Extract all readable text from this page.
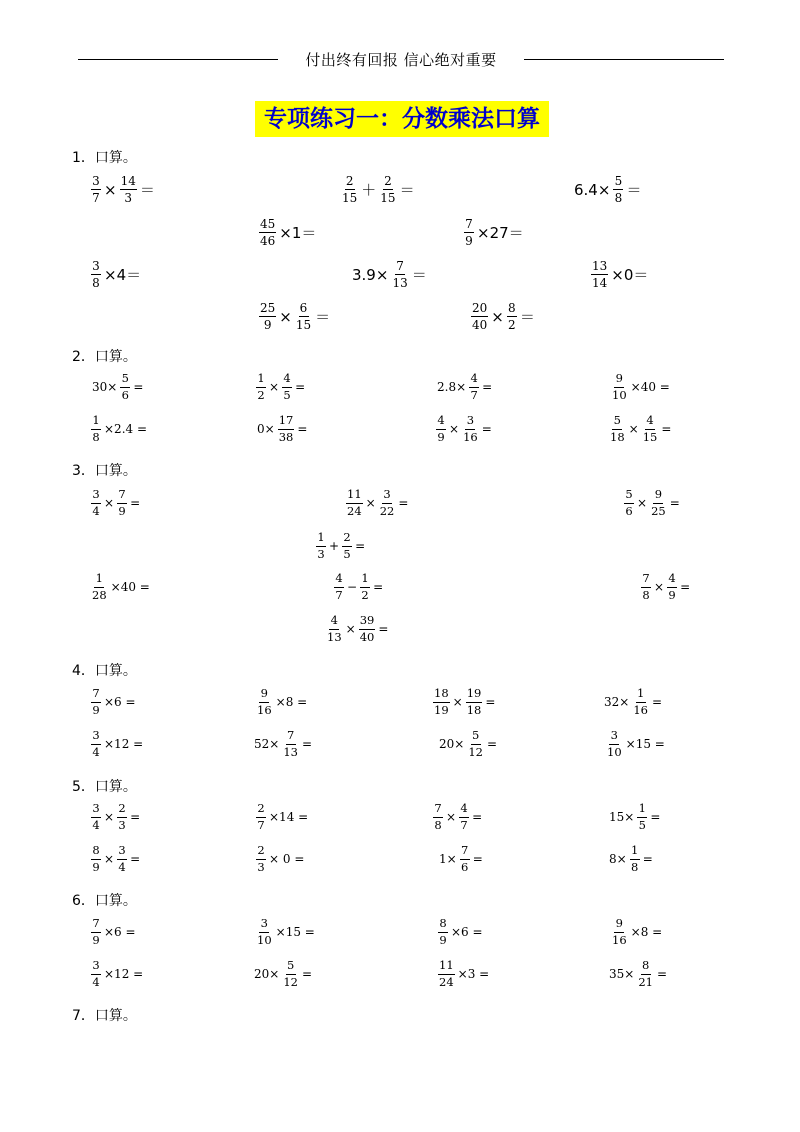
付出终有回报 信心绝对重要
专项练习一：分数乘法口算
1．口算。
$\frac{3}{7} \times \frac{14}{3}$ ＝	$\frac{2}{15} + \frac{2}{15}$ ＝	$6.4\times \frac{5}{8}$ ＝
$\frac{45}{46} \times 1=$	$\frac{7}{9} \times 27=$
$\frac{3}{8} \times 4=$	$3.9\times \frac{7}{13}$ ＝	$\frac{13}{14} \times 0=$
$\frac{25}{9} \times \frac{6}{15}$ ＝	$\frac{20}{40} \times \frac{8}{2}$ ＝
2．口算。
$30\times \frac{5}{6}$ =	$\frac{1}{2} \times \frac{4}{5}$ =	$2.8\times \frac{4}{7}$ =	$\frac{9}{10} \times 40$ =
$\frac{1}{8} \times 2.4$ =	$0\times \frac{17}{38}$ =	$\frac{4}{9} \times \frac{3}{16}$ =	$\frac{5}{18} \times \frac{4}{15}$ =
3．口算。
$\frac{3}{4} \times \frac{7}{9}$ =	$\frac{11}{24} \times \frac{3}{22}$ =	$\frac{5}{6} \times \frac{9}{25}$ =
$\frac{1}{3} + \frac{2}{5}$ =
$\frac{1}{28} \times 40$ =	$\frac{4}{7} - \frac{1}{2}$ =	$\frac{7}{8} \times \frac{4}{9}$ =
$\frac{4}{13} \times \frac{39}{40}$ =
4．口算。
$\frac{7}{9} \times 6$ =	$\frac{9}{16} \times 8$ =	$\frac{18}{19} \times \frac{19}{18}$ =	$32\times \frac{1}{16}$ =
$\frac{3}{4} \times 12$ =	$52\times \frac{7}{13}$ =	$20\times \frac{5}{12}$ =	$\frac{3}{10} \times 15$ =
5．口算。
$\frac{3}{4} \times \frac{2}{3}$ =	$\frac{2}{7} \times 14$ =	$\frac{7}{8} \times \frac{4}{7}$ =	$15\times \frac{1}{5}$ =
$\frac{8}{9} \times \frac{3}{4}$ =	$\frac{2}{3} \times 0$ =	$1\times \frac{7}{6}$ =	$8\times \frac{1}{8}$ =
6．口算。
$\frac{7}{9} \times 6$ =	$\frac{3}{10} \times 15$ =	$\frac{8}{9} \times 6$ =	$\frac{9}{16} \times 8$ =
$\frac{3}{4} \times 12$ =	$20\times \frac{5}{12}$ =	$\frac{11}{24} \times 3$ =	$35\times \frac{8}{21}$ =
7．口算。
